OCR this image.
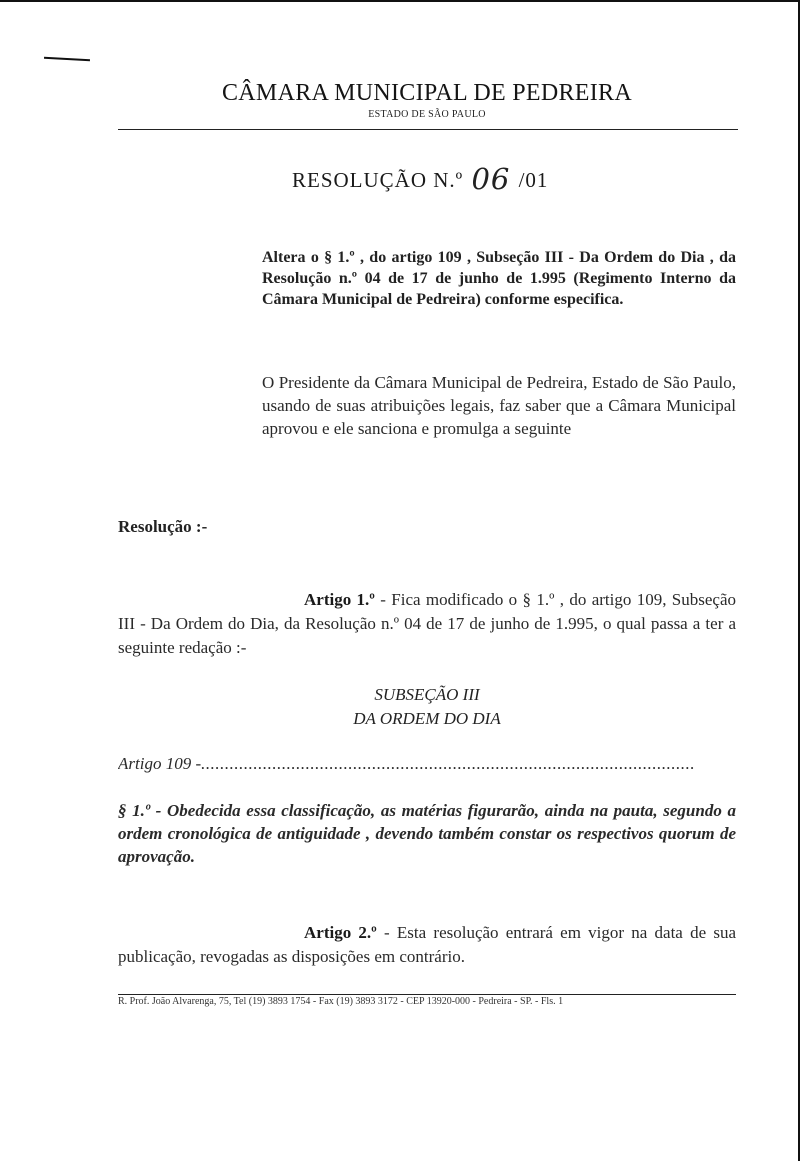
CÂMARA MUNICIPAL DE PEDREIRA
ESTADO DE SÃO PAULO
RESOLUÇÃO N.º 06 /01
Altera o § 1.º , do artigo 109 , Subseção III - Da Ordem do Dia , da Resolução n.º 04 de 17 de junho de 1.995 (Regimento Interno da Câmara Municipal de Pedreira) conforme especifica.
O Presidente da Câmara Municipal de Pedreira, Estado de São Paulo, usando de suas atribuições legais, faz saber que a Câmara Municipal aprovou e ele sanciona e promulga a seguinte
Resolução :-
Artigo 1.º - Fica modificado o § 1.º , do artigo 109, Subseção III - Da Ordem do Dia, da Resolução n.º 04 de 17 de junho de 1.995, o qual passa a ter a seguinte redação :-
SUBSEÇÃO III
DA ORDEM DO DIA
Artigo 109 -........................................................................................................
§ 1.º - Obedecida essa classificação, as matérias figurarão, ainda na pauta, segundo a ordem cronológica de antiguidade , devendo também constar os respectivos quorum de aprovação.
Artigo 2.º - Esta resolução entrará em vigor na data de sua publicação, revogadas as disposições em contrário.
R. Prof. João Alvarenga, 75, Tel (19) 3893 1754 - Fax (19) 3893 3172 - CEP 13920-000 - Pedreira - SP. - Fls. 1
